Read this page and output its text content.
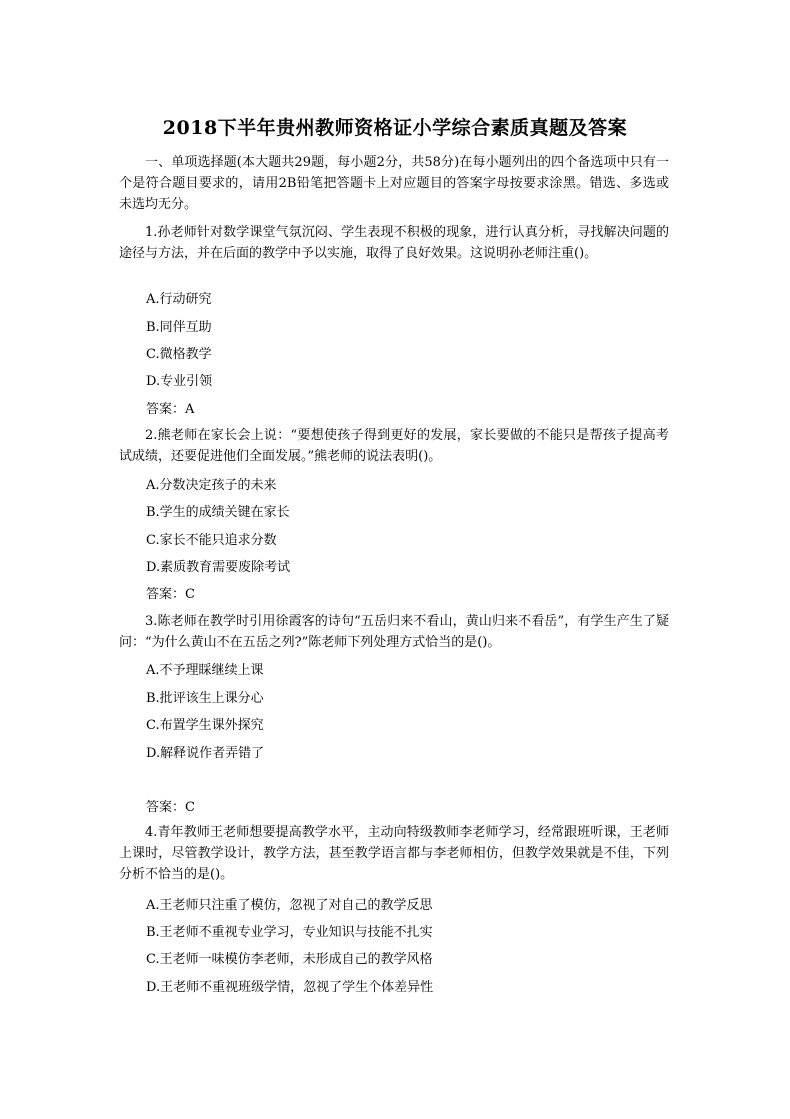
2018下半年贵州教师资格证小学综合素质真题及答案

一、单项选择题(本大题共29题，每小题2分，共58分)在每小题列出的四个备选项中只有一个是符合题目要求的，请用2B铅笔把答题卡上对应题目的答案字母按要求涂黑。错选、多选或未选均无分。

1.孙老师针对数学课堂气氛沉闷、学生表现不积极的现象，进行认真分析，寻找解决问题的途径与方法，并在后面的教学中予以实施，取得了良好效果。这说明孙老师注重()。

A.行动研究
B.同伴互助
C.微格教学
D.专业引领
答案：A

2.熊老师在家长会上说：“要想使孩子得到更好的发展，家长要做的不能只是帮孩子提高考试成绩，还要促进他们全面发展。”熊老师的说法表明()。

A.分数决定孩子的未来
B.学生的成绩关键在家长
C.家长不能只追求分数
D.素质教育需要废除考试
答案：C

3.陈老师在教学时引用徐霞客的诗句“五岳归来不看山，黄山归来不看岳”，有学生产生了疑问：“为什么黄山不在五岳之列?”陈老师下列处理方式恰当的是()。

A.不予理睬继续上课
B.批评该生上课分心
C.布置学生课外探究
D.解释说作者弄错了
答案：C

4.青年教师王老师想要提高教学水平，主动向特级教师李老师学习，经常跟班听课，王老师上课时，尽管教学设计，教学方法，甚至教学语言都与李老师相仿，但教学效果就是不佳，下列分析不恰当的是()。

A.王老师只注重了模仿，忽视了对自己的教学反思
B.王老师不重视专业学习，专业知识与技能不扎实
C.王老师一味模仿李老师，未形成自己的教学风格
D.王老师不重视班级学情，忽视了学生个体差异性
